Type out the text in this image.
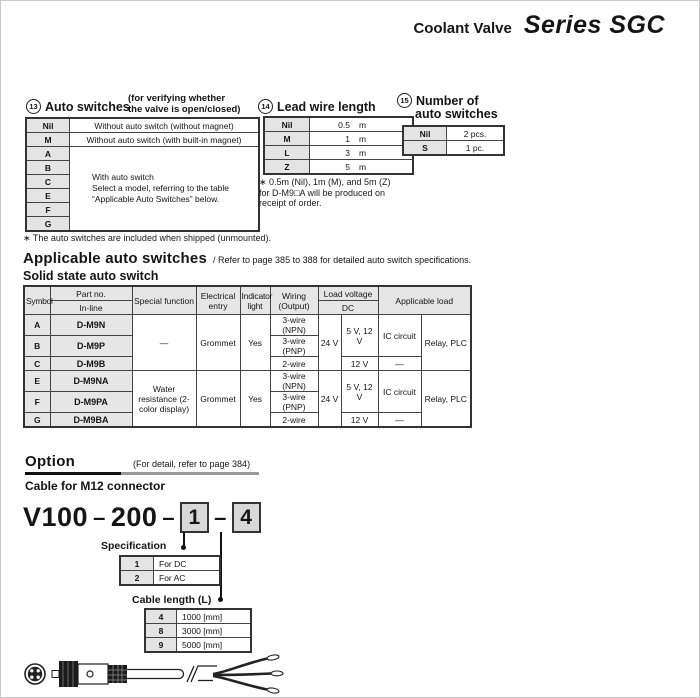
Coolant Valve Series SGC
13 Auto switches
(for verifying whether
the valve is open/closed)
Nil	Without auto switch (without magnet)
M	Without auto switch (with built-in magnet)
A	With auto switch
Select a model, referring to the table
“Applicable Auto Switches” below.

B	
C	
E	
F	
G	
∗ The auto switches are included when shipped (unmounted).
14 Lead wire length
Nil	0.5 m
M	1 m
L	3 m
Z	5 m
∗ 0.5m (Nil), 1m (M), and 5m (Z) for D-M9□A will be produced on receipt of order.
15 Number of
auto switches
Nil	2 pcs.
S	1 pc.
Applicable auto switches / Refer to page 385 to 388 for detailed auto switch specifications.
Solid state auto switch
Symbol	Part no.	Special function	Electrical entry	Indicator light	Wiring (Output)	Load voltage		Applicable load	
	In-line					DC			
A	D-M9N	—	Grommet	Yes	3-wire (NPN)	24 V	5 V, 12 V	IC circuit	Relay, PLC
B	D-M9P				3-wire (PNP)				
C	D-M9B				2-wire		12 V	—	
E	D-M9NA	Water resistance (2-color display)	Grommet	Yes	3-wire (NPN)	24 V	5 V, 12 V	IC circuit	Relay, PLC
F	D-M9PA				3-wire (PNP)				
G	D-M9BA				2-wire		12 V	—	
Option	(For detail, refer to page 384)
Cable for M12 connector
V100 – 200 – 1 – 4
Specification
1	For DC
2	For AC
Cable length (L)
4	1000 [mm]
8	3000 [mm]
9	5000 [mm]
